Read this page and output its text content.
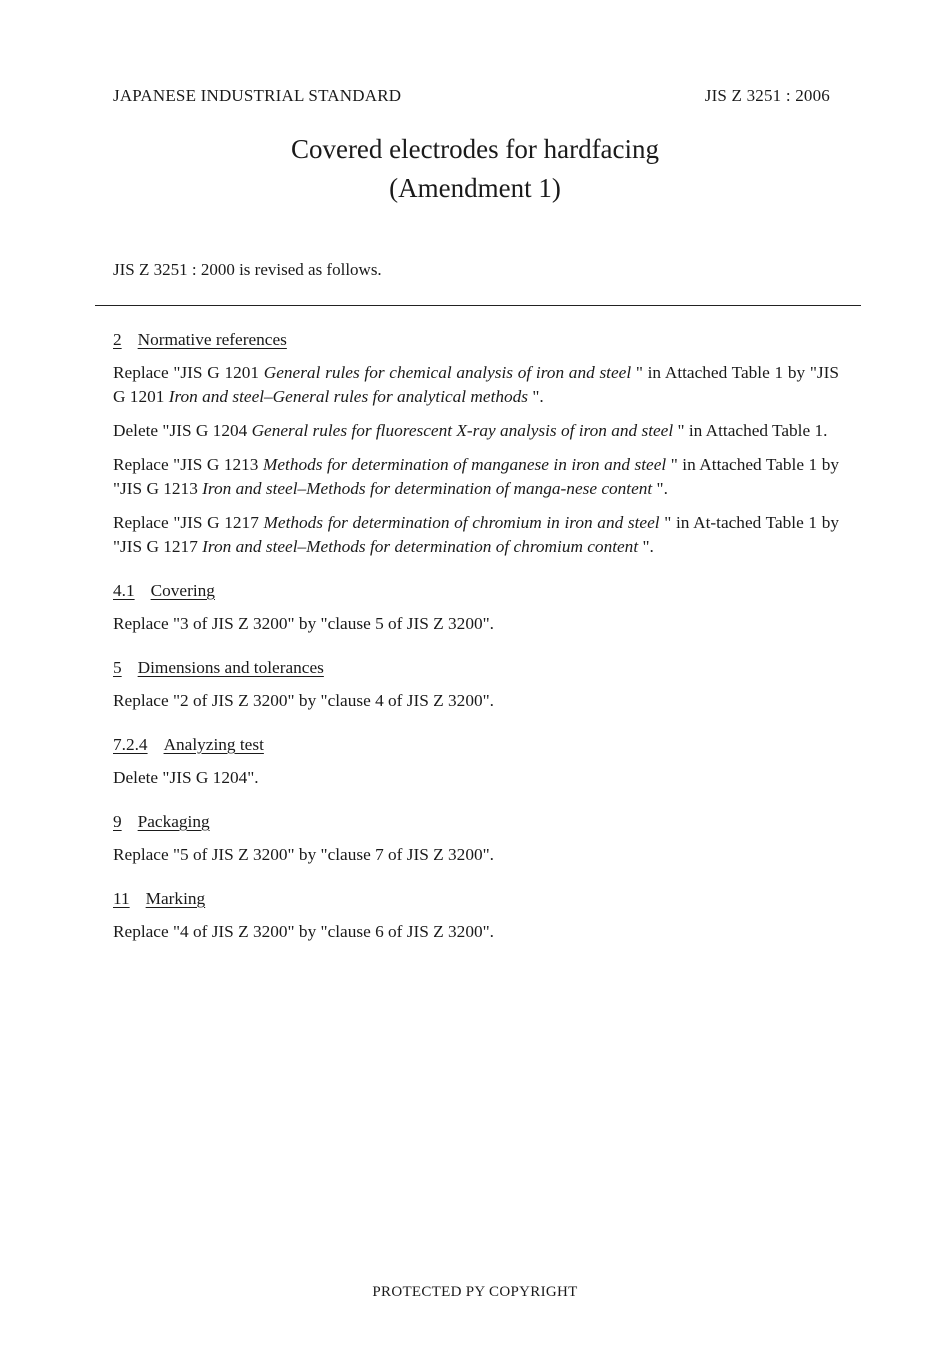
JAPANESE INDUSTRIAL STANDARD	JIS Z 3251 : 2006
Covered electrodes for hardfacing
(Amendment 1)
JIS Z 3251 : 2000 is revised as follows.
2 Normative references

Replace "JIS G 1201 General rules for chemical analysis of iron and steel " in Attached Table 1 by "JIS G 1201 Iron and steel–General rules for analytical methods ".

Delete "JIS G 1204 General rules for fluorescent X-ray analysis of iron and steel " in Attached Table 1.

Replace "JIS G 1213 Methods for determination of manganese in iron and steel " in Attached Table 1 by "JIS G 1213 Iron and steel–Methods for determination of manga-nese content ".

Replace "JIS G 1217 Methods for determination of chromium in iron and steel " in At-tached Table 1 by "JIS G 1217 Iron and steel–Methods for determination of chromium content ".

4.1 Covering

Replace "3 of JIS Z 3200" by "clause 5 of JIS Z 3200".

5 Dimensions and tolerances

Replace "2 of JIS Z 3200" by "clause 4 of JIS Z 3200".

7.2.4 Analyzing test

Delete "JIS G 1204".

9 Packaging

Replace "5 of JIS Z 3200" by "clause 7 of JIS Z 3200".

11 Marking

Replace "4 of JIS Z 3200" by "clause 6 of JIS Z 3200".

PROTECTED PY COPYRIGHT
